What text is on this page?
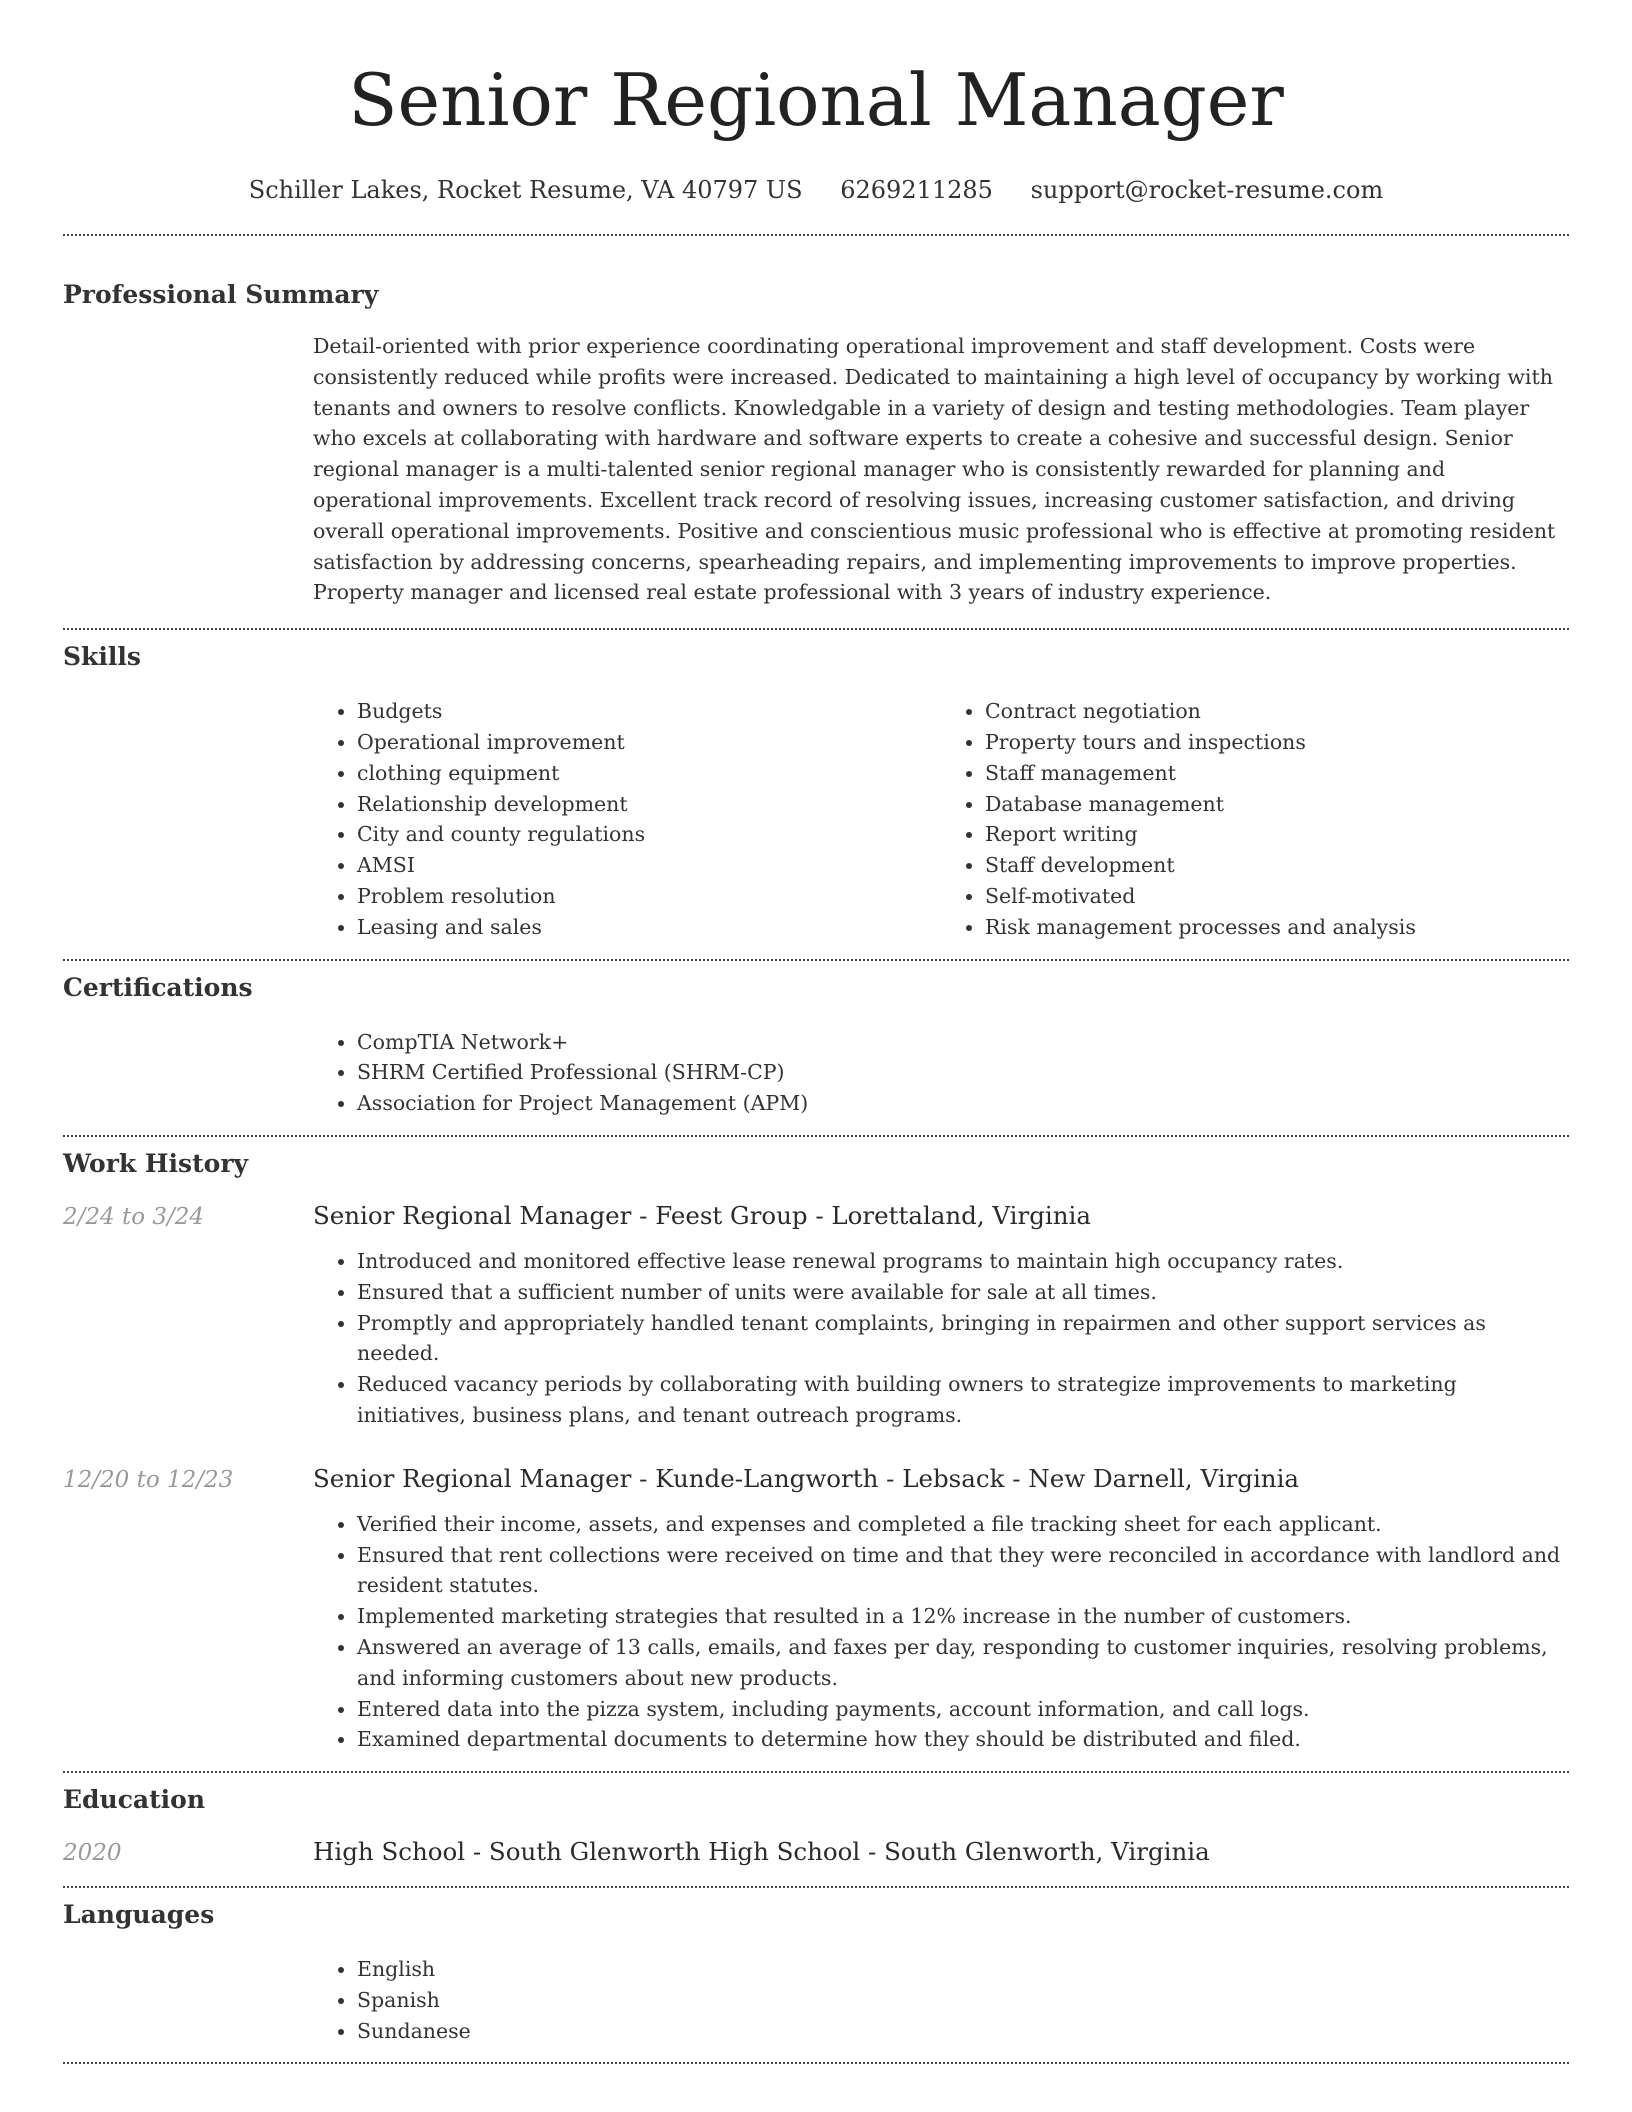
Senior Regional Manager
Schiller Lakes, Rocket Resume, VA 40797 US 6269211285 support@rocket-resume.com
Professional Summary

Detail-oriented with prior experience coordinating operational improvement and staff development. Costs were consistently reduced while profits were increased. Dedicated to maintaining a high level of occupancy by working with tenants and owners to resolve conflicts. Knowledgable in a variety of design and testing methodologies. Team player who excels at collaborating with hardware and software experts to create a cohesive and successful design. Senior regional manager is a multi-talented senior regional manager who is consistently rewarded for planning and operational improvements. Excellent track record of resolving issues, increasing customer satisfaction, and driving overall operational improvements. Positive and conscientious music professional who is effective at promoting resident satisfaction by addressing concerns, spearheading repairs, and implementing improvements to improve properties. Property manager and licensed real estate professional with 3 years of industry experience.

Skills
• Budgets
• Operational improvement
• clothing equipment
• Relationship development
• City and county regulations
• AMSI
• Problem resolution
• Leasing and sales
• Contract negotiation
• Property tours and inspections
• Staff management
• Database management
• Report writing
• Staff development
• Self-motivated
• Risk management processes and analysis
Certifications
• CompTIA Network+
• SHRM Certified Professional (SHRM-CP)
• Association for Project Management (APM)
Work History
2/24 to 3/24	Senior Regional Manager - Feest Group - Lorettaland, Virginia
• Introduced and monitored effective lease renewal programs to maintain high occupancy rates.
• Ensured that a sufficient number of units were available for sale at all times.
• Promptly and appropriately handled tenant complaints, bringing in repairmen and other support services as needed.
• Reduced vacancy periods by collaborating with building owners to strategize improvements to marketing initiatives, business plans, and tenant outreach programs.
12/20 to 12/23	Senior Regional Manager - Kunde-Langworth - Lebsack - New Darnell, Virginia
• Verified their income, assets, and expenses and completed a file tracking sheet for each applicant.
• Ensured that rent collections were received on time and that they were reconciled in accordance with landlord and resident statutes.
• Implemented marketing strategies that resulted in a 12% increase in the number of customers.
• Answered an average of 13 calls, emails, and faxes per day, responding to customer inquiries, resolving problems, and informing customers about new products.
• Entered data into the pizza system, including payments, account information, and call logs.
• Examined departmental documents to determine how they should be distributed and filed.
Education
2020	High School - South Glenworth High School - South Glenworth, Virginia
Languages
• English
• Spanish
• Sundanese
